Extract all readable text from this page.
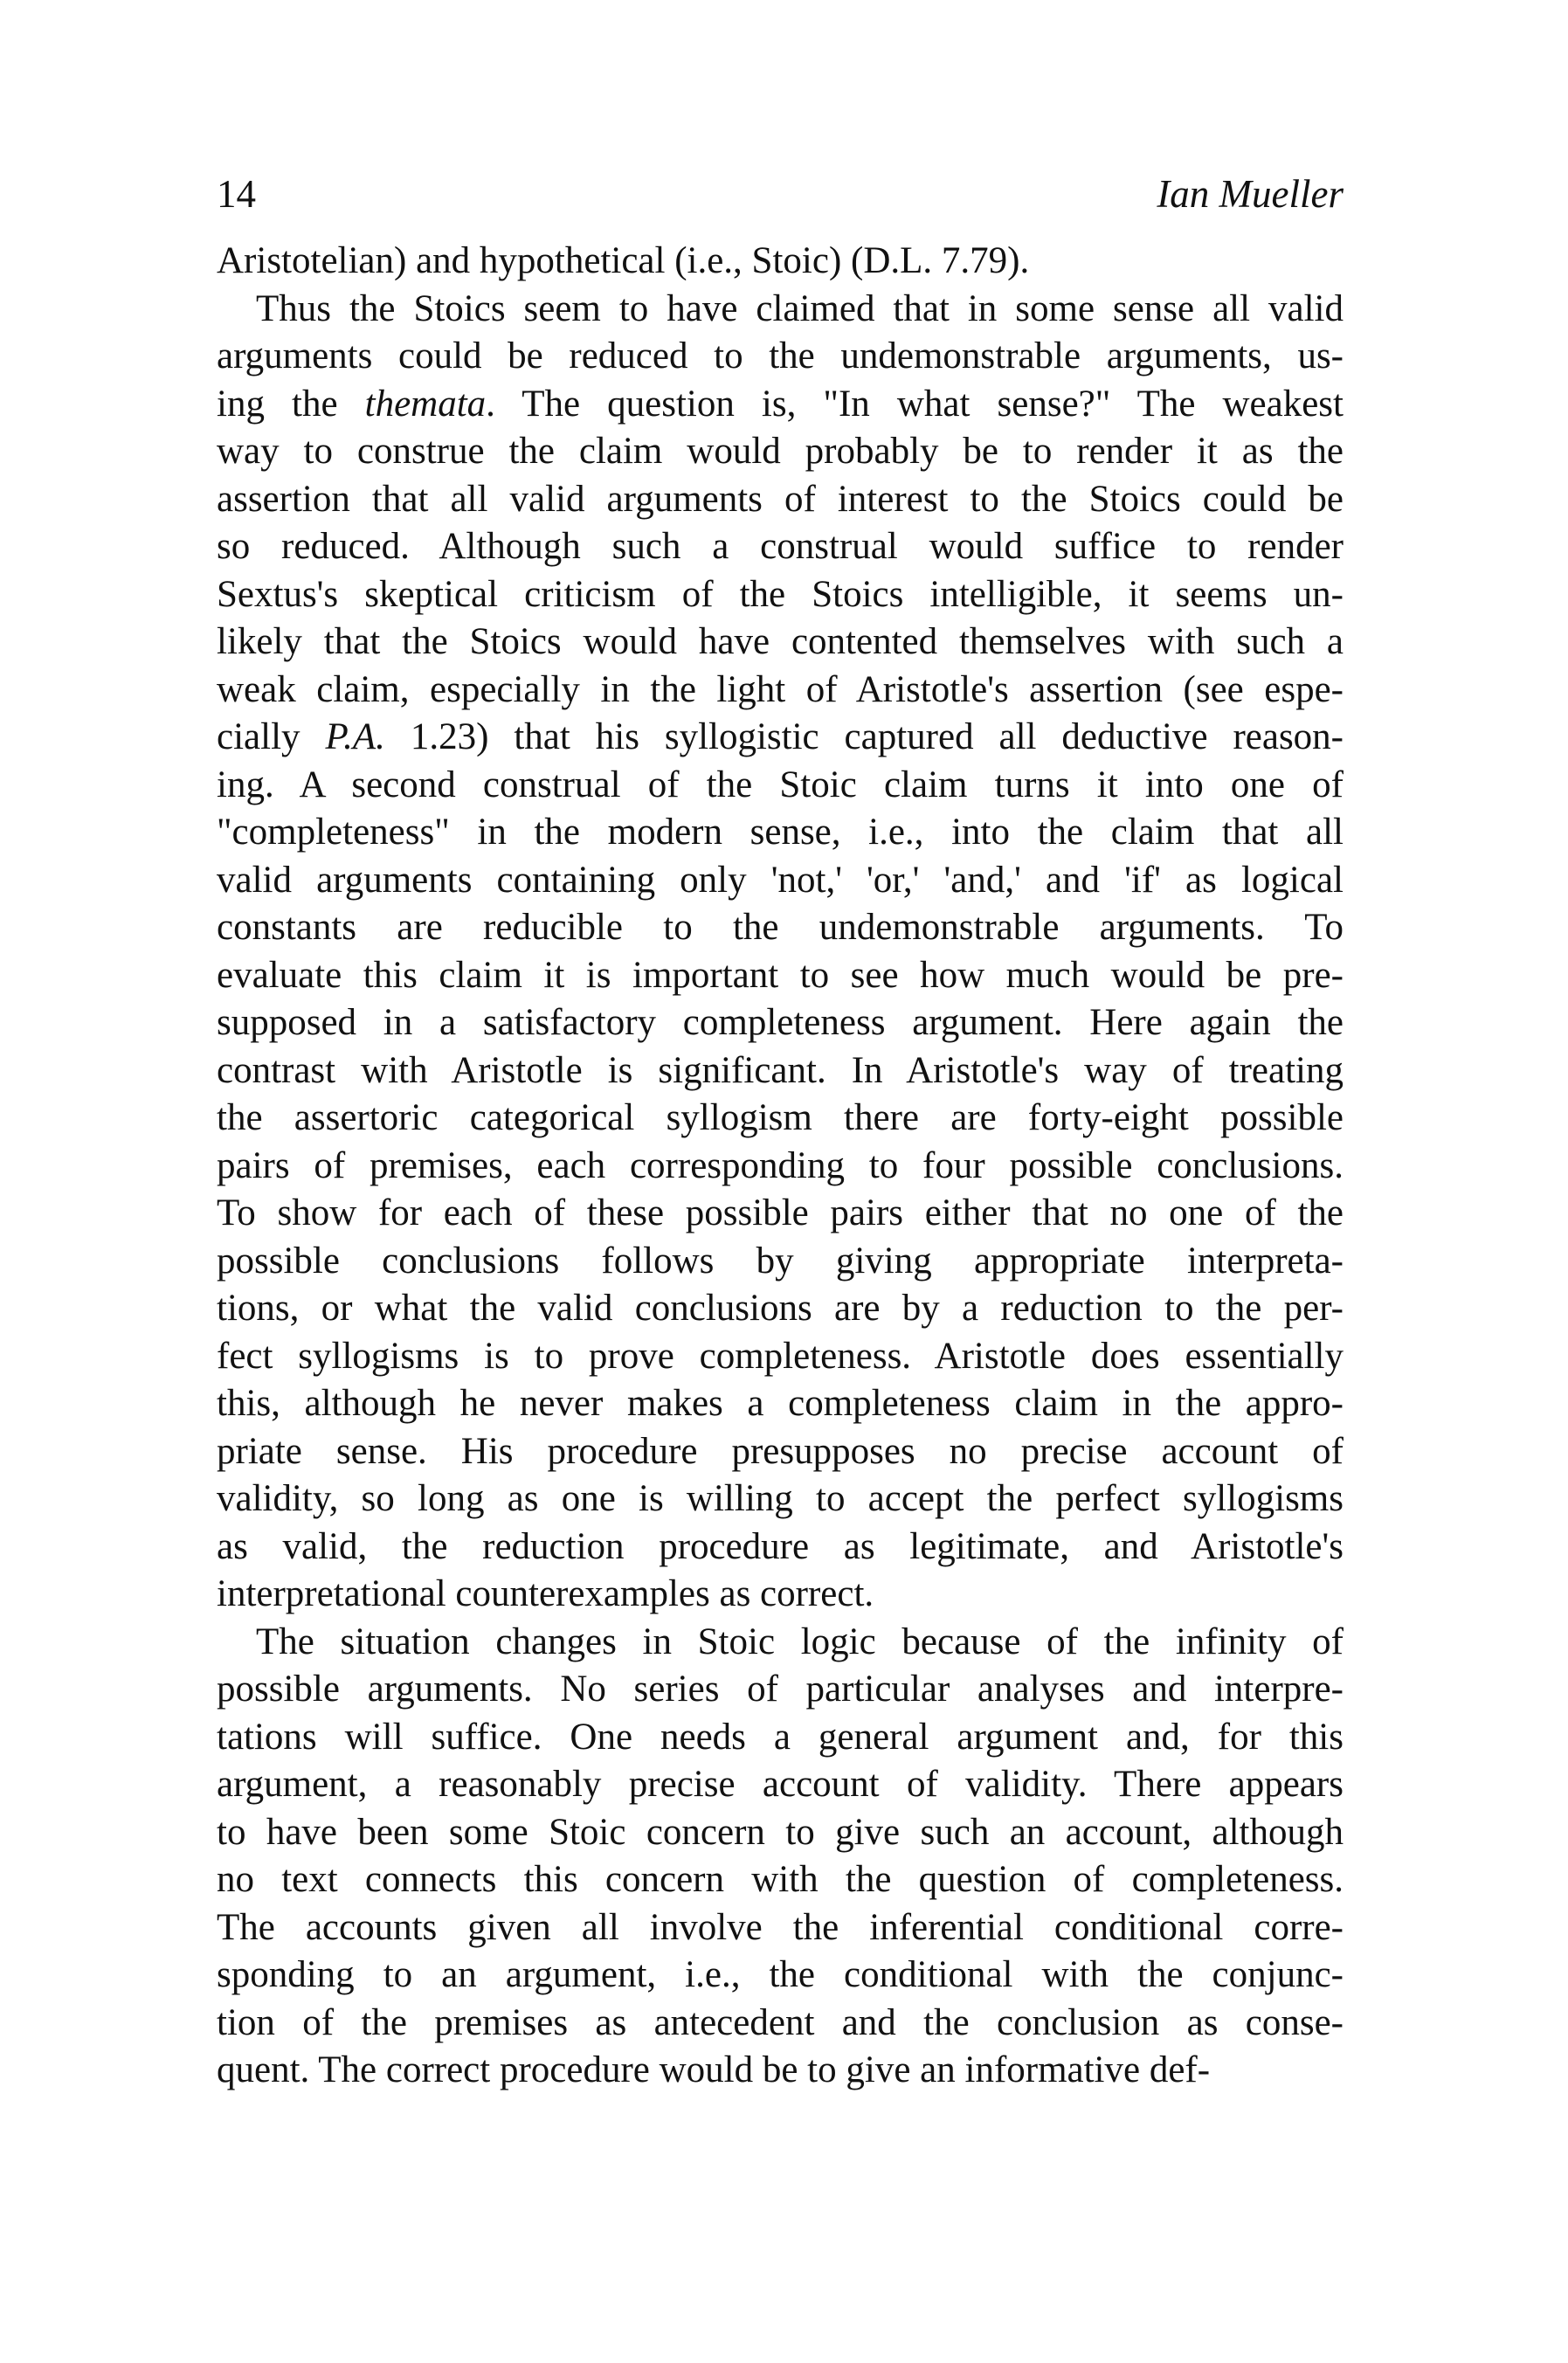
14	Ian Mueller
Aristotelian) and hypothetical (i.e., Stoic) (D.L. 7.79).
Thus the Stoics seem to have claimed that in some sense all valid
arguments could be reduced to the undemonstrable arguments, us-
ing the themata. The question is, "In what sense?" The weakest
way to construe the claim would probably be to render it as the
assertion that all valid arguments of interest to the Stoics could be
so reduced. Although such a construal would suffice to render
Sextus's skeptical criticism of the Stoics intelligible, it seems un-
likely that the Stoics would have contented themselves with such a
weak claim, especially in the light of Aristotle's assertion (see espe-
cially P.A. 1.23) that his syllogistic captured all deductive reason-
ing. A second construal of the Stoic claim turns it into one of
"completeness" in the modern sense, i.e., into the claim that all
valid arguments containing only 'not,' 'or,' 'and,' and 'if' as logical
constants are reducible to the undemonstrable arguments. To
evaluate this claim it is important to see how much would be pre-
supposed in a satisfactory completeness argument. Here again the
contrast with Aristotle is significant. In Aristotle's way of treating
the assertoric categorical syllogism there are forty-eight possible
pairs of premises, each corresponding to four possible conclusions.
To show for each of these possible pairs either that no one of the
possible conclusions follows by giving appropriate interpreta-
tions, or what the valid conclusions are by a reduction to the per-
fect syllogisms is to prove completeness. Aristotle does essentially
this, although he never makes a completeness claim in the appro-
priate sense. His procedure presupposes no precise account of
validity, so long as one is willing to accept the perfect syllogisms
as valid, the reduction procedure as legitimate, and Aristotle's
interpretational counterexamples as correct.
The situation changes in Stoic logic because of the infinity of
possible arguments. No series of particular analyses and interpre-
tations will suffice. One needs a general argument and, for this
argument, a reasonably precise account of validity. There appears
to have been some Stoic concern to give such an account, although
no text connects this concern with the question of completeness.
The accounts given all involve the inferential conditional corre-
sponding to an argument, i.e., the conditional with the conjunc-
tion of the premises as antecedent and the conclusion as conse-
quent. The correct procedure would be to give an informative def-
